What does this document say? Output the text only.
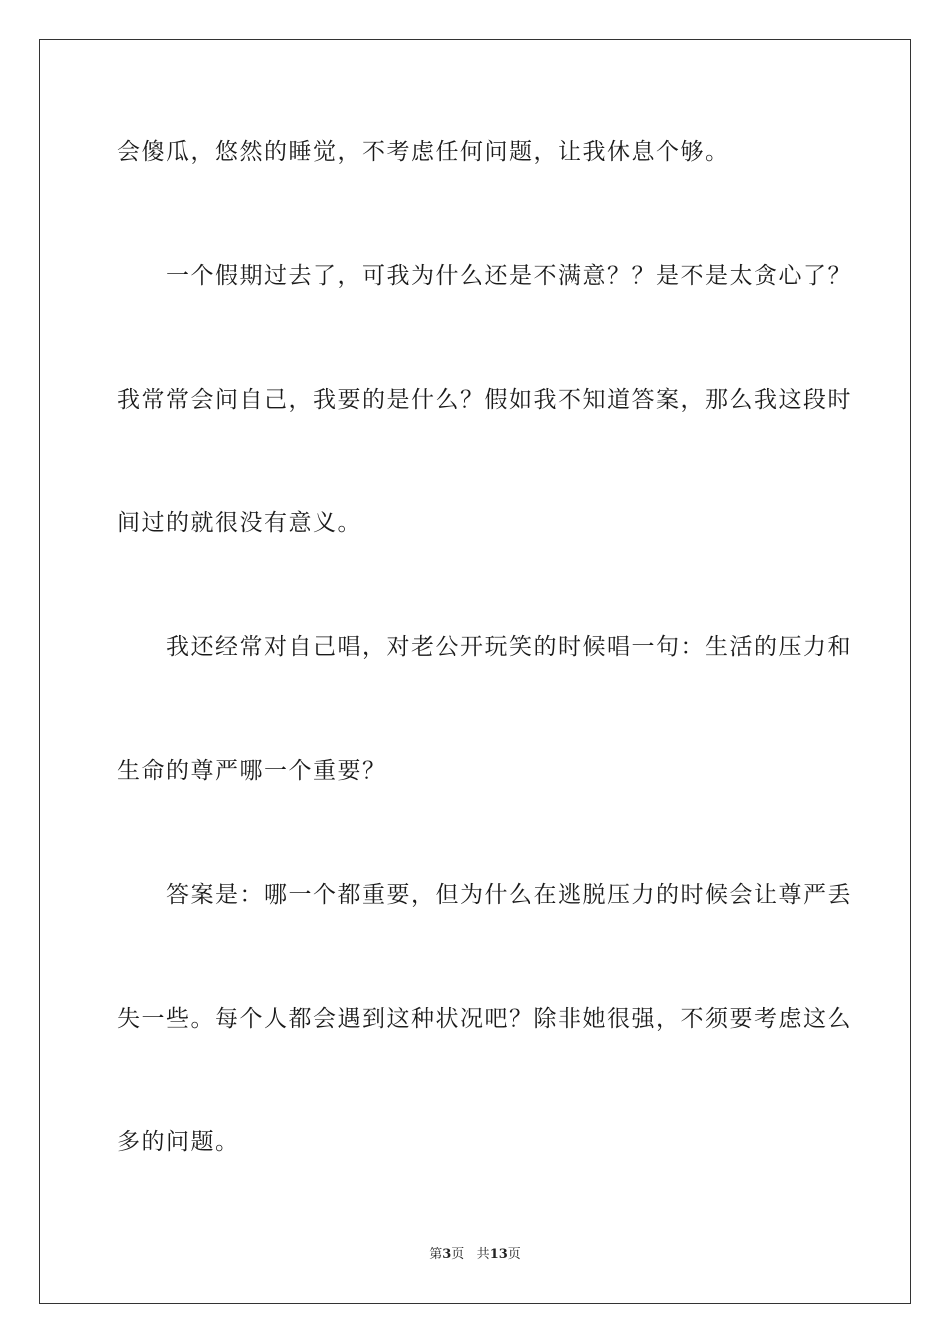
会傻瓜，悠然的睡觉，不考虑任何问题，让我休息个够。
　　一个假期过去了，可我为什么还是不满意？？是不是太贪心了？
我常常会问自己，我要的是什么？假如我不知道答案，那么我这段时
间过的就很没有意义。
　　我还经常对自己唱，对老公开玩笑的时候唱一句：生活的压力和
生命的尊严哪一个重要？
　　答案是：哪一个都重要，但为什么在逃脱压力的时候会让尊严丢
失一些。每个人都会遇到这种状况吧？除非她很强，不须要考虑这么
多的问题。
第3页 共13页
